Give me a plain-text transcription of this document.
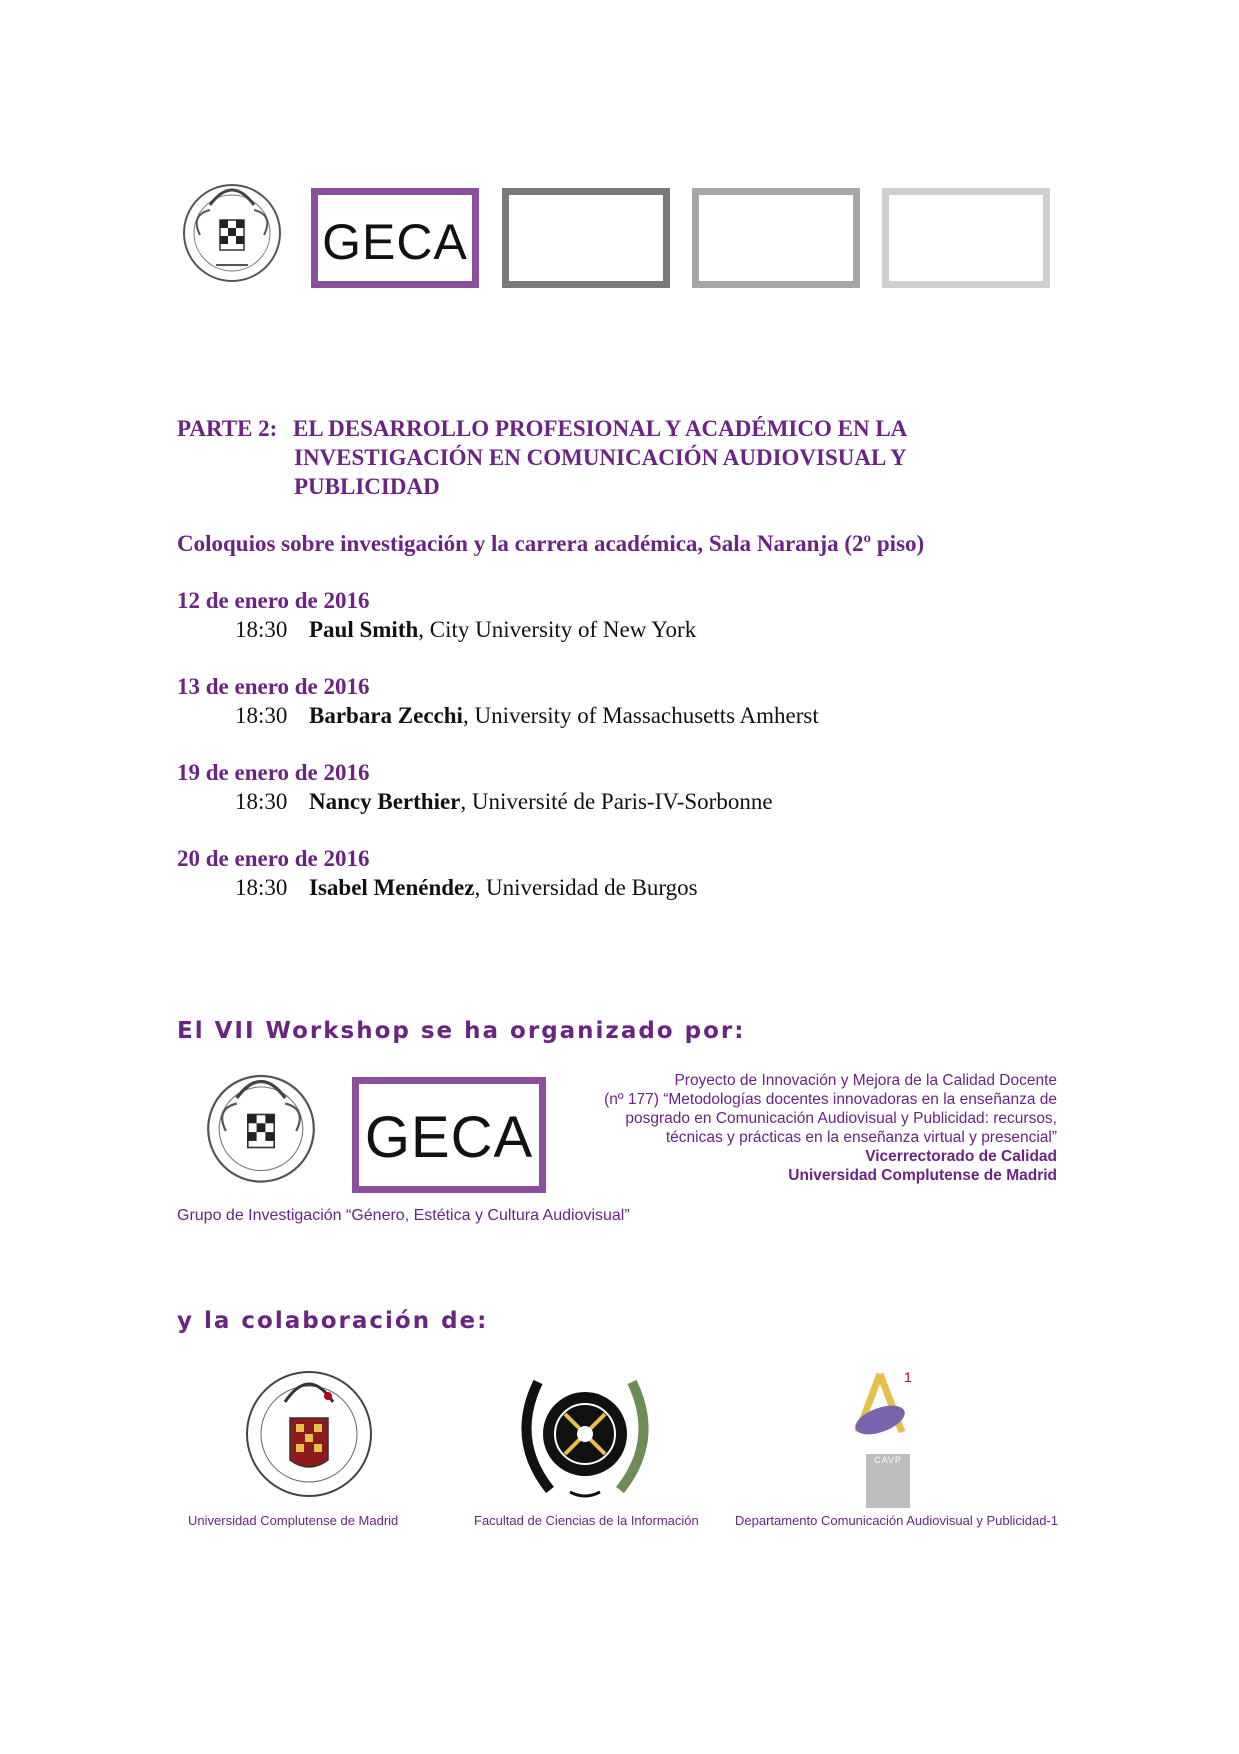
GECA
PARTE 2: EL DESARROLLO PROFESIONAL Y ACADÉMICO EN LA
INVESTIGACIÓN EN COMUNICACIÓN AUDIOVISUAL Y
PUBLICIDAD
Coloquios sobre investigación y la carrera académica, Sala Naranja (2º piso)
12 de enero de 2016
18:30 Paul Smith, City University of New York
13 de enero de 2016
18:30 Barbara Zecchi, University of Massachusetts Amherst
19 de enero de 2016
18:30 Nancy Berthier, Université de Paris-IV-Sorbonne
20 de enero de 2016
18:30 Isabel Menéndez, Universidad de Burgos
El VII Workshop se ha organizado por:
GECA
Proyecto de Innovación y Mejora de la Calidad Docente
(nº 177) “Metodologías docentes innovadoras en la enseñanza de
posgrado en Comunicación Audiovisual y Publicidad: recursos,
técnicas y prácticas en la enseñanza virtual y presencial”
Vicerrectorado de Calidad
Universidad Complutense de Madrid
Grupo de Investigación “Género, Estética y Cultura Audiovisual”
y la colaboración de:
1
CAVP
Universidad Complutense de Madrid	Facultad de Ciencias de la Información	Departamento Comunicación Audiovisual y Publicidad-1
